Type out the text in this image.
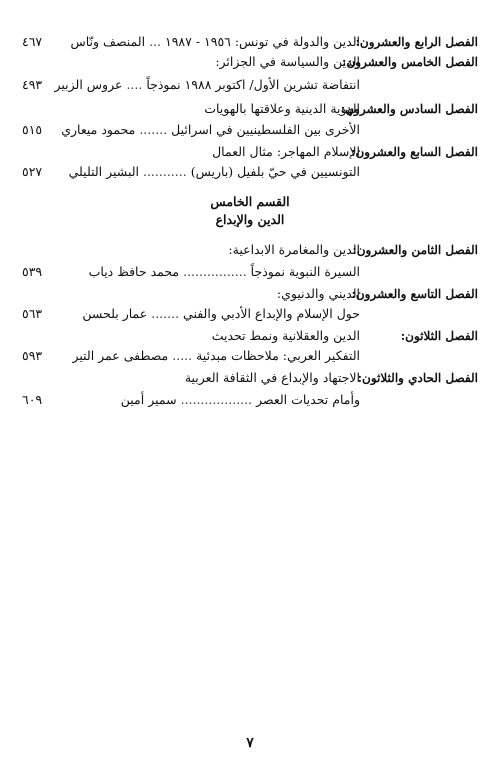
الفصل الرابع والعشرون:
الدين والدولة في تونس: ١٩٥٦ - ١٩٨٧ ... المنصف ونّاس
٤٦٧
الفصل الخامس والعشرون:
الدين والسياسة في الجزائر:
انتفاضة تشرين الأول/ اكتوبر ١٩٨٨ نموذجاً .... عروس الزبير
٤٩٣
الفصل السادس والعشرون:
الهوية الدينية وعلاقتها بالهويات
الأخرى بين الفلسطينيين في اسرائيل ....... محمود ميعاري
٥١٥
الفصل السابع والعشرون:
الإسلام المهاجر: مثال العمال
التونسيين في حيّ بلفيل (باريس) ........... البشير التليلي
٥٢٧
القسم الخامس
الدين والإبداع
الفصل الثامن والعشرون:
الدين والمغامرة الابداعية:
السيرة النبوية نموذجاً ................ محمد حافظ دياب
٥٣٩
الفصل التاسع والعشرون:
الديني والدنيوي:
حول الإسلام والإبداع الأدبي والفني ....... عمار بلحسن
٥٦٣
الفصل الثلاثون:
الدين والعقلانية ونمط تحديث
التفكير العربي: ملاحظات مبدئية ..... مصطفى عمر التير
٥٩٣
الفصل الحادي والثلاثون:
الاجتهاد والإبداع في الثقافة العربية
وأمام تحديات العصر .................. سمير أمين
٦٠٩
٧
